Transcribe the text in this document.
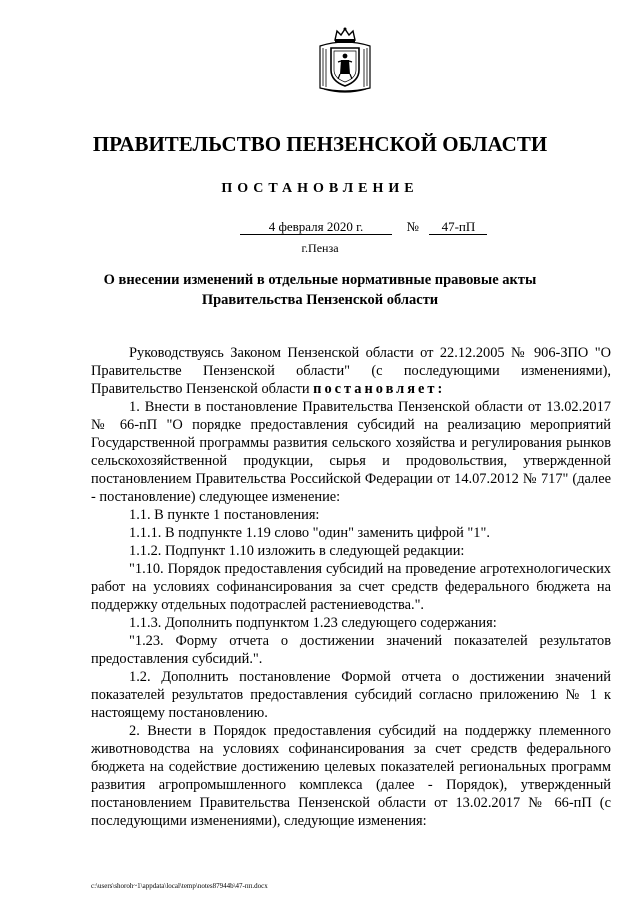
ПРАВИТЕЛЬСТВО ПЕНЗЕНСКОЙ ОБЛАСТИ
ПОСТАНОВЛЕНИЕ
4 февраля 2020 г.	№ 47-пП
г.Пенза
О внесении изменений в отдельные нормативные правовые акты
Правительства Пензенской области

Руководствуясь Законом Пензенской области от 22.12.2005 № 906-ЗПО "О Правительстве Пензенской области" (с последующими изменениями), Правительство Пензенской области постановляет:

1. Внести в постановление Правительства Пензенской области от 13.02.2017 № 66-пП "О порядке предоставления субсидий на реализацию мероприятий Государственной программы развития сельского хозяйства и регулирования рынков сельскохозяйственной продукции, сырья и продовольствия, утвержденной постановлением Правительства Российской Федерации от 14.07.2012 № 717" (далее - постановление) следующее изменение:

1.1. В пункте 1 постановления:

1.1.1. В подпункте 1.19 слово "один" заменить цифрой "1".

1.1.2. Подпункт 1.10 изложить в следующей редакции:

"1.10. Порядок предоставления субсидий на проведение агротехнологических работ на условиях софинансирования за счет средств федерального бюджета на поддержку отдельных подотраслей растениеводства.".

1.1.3. Дополнить подпунктом 1.23 следующего содержания:

"1.23. Форму отчета о достижении значений показателей результатов предоставления субсидий.".

1.2. Дополнить постановление Формой отчета о достижении значений показателей результатов предоставления субсидий согласно приложению № 1 к настоящему постановлению.

2. Внести в Порядок предоставления субсидий на поддержку племенного животноводства на условиях софинансирования за счет средств федерального бюджета на содействие достижению целевых показателей региональных программ развития агропромышленного комплекса (далее - Порядок), утвержденный постановлением Правительства Пензенской области от 13.02.2017 № 66-пП (с последующими изменениями), следующие изменения:

c:\users\shoroh~1\appdata\local\temp\notes87944b\47-пп.docx
